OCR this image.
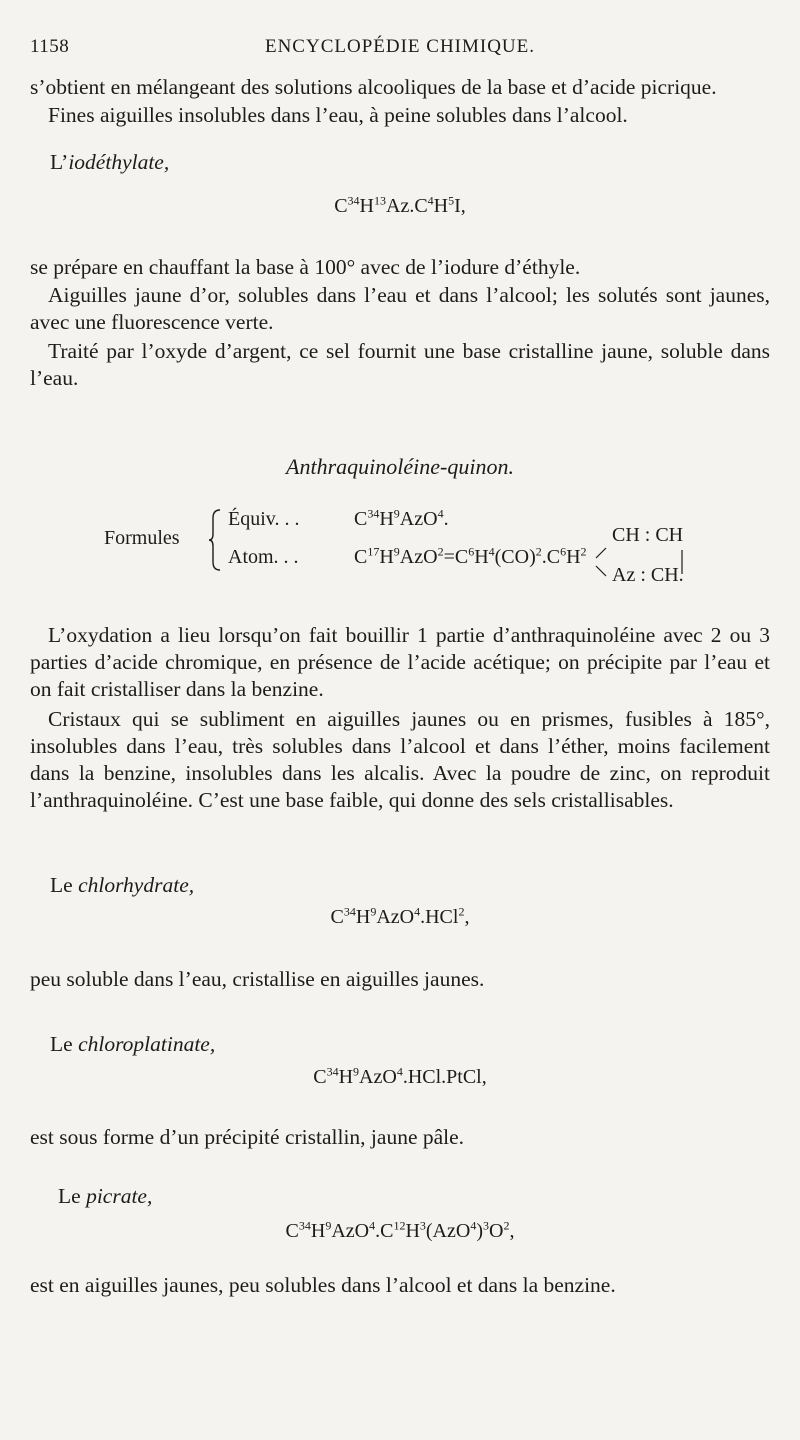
1158	ENCYCLOPÉDIE CHIMIQUE.
s’obtient en mélangeant des solutions alcooliques de la base et d’acide picrique.
Fines aiguilles insolubles dans l’eau, à peine solubles dans l’alcool.
L’iodéthylate,
$C^{34}H^{13}Az.C^4H^5I$,
se prépare en chauffant la base à 100° avec de l’iodure d’éthyle.
Aiguilles jaune d’or, solubles dans l’eau et dans l’alcool; les solutés sont jaunes, avec une fluorescence verte.
Traité par l’oxyde d’argent, ce sel fournit une base cristalline jaune, soluble dans l’eau.
Anthraquinoléine-quinon.
Formules
Équiv. . .	$C^{34}H^9AzO^4$.
Atom. . .	$C^{17}H^9AzO^2=C^6H^4(CO)^2.C^6H^2$
CH : CH
Az : CH.
L’oxydation a lieu lorsqu’on fait bouillir 1 partie d’anthraquinoléine avec 2 ou 3 parties d’acide chromique, en présence de l’acide acétique; on précipite par l’eau et on fait cristalliser dans la benzine.
Cristaux qui se subliment en aiguilles jaunes ou en prismes, fusibles à 185°, insolubles dans l’eau, très solubles dans l’alcool et dans l’éther, moins facilement dans la benzine, insolubles dans les alcalis. Avec la poudre de zinc, on reproduit l’anthraquinoléine. C’est une base faible, qui donne des sels cristallisables.
Le chlorhydrate,
$C^{34}H^9AzO^4.HCl^2$,
peu soluble dans l’eau, cristallise en aiguilles jaunes.
Le chloroplatinate,
$C^{34}H^9AzO^4.HCl.PtCl$,
est sous forme d’un précipité cristallin, jaune pâle.
Le picrate,
$C^{34}H^9AzO^4.C^{12}H^3(AzO^4)^3O^2$,
est en aiguilles jaunes, peu solubles dans l’alcool et dans la benzine.
